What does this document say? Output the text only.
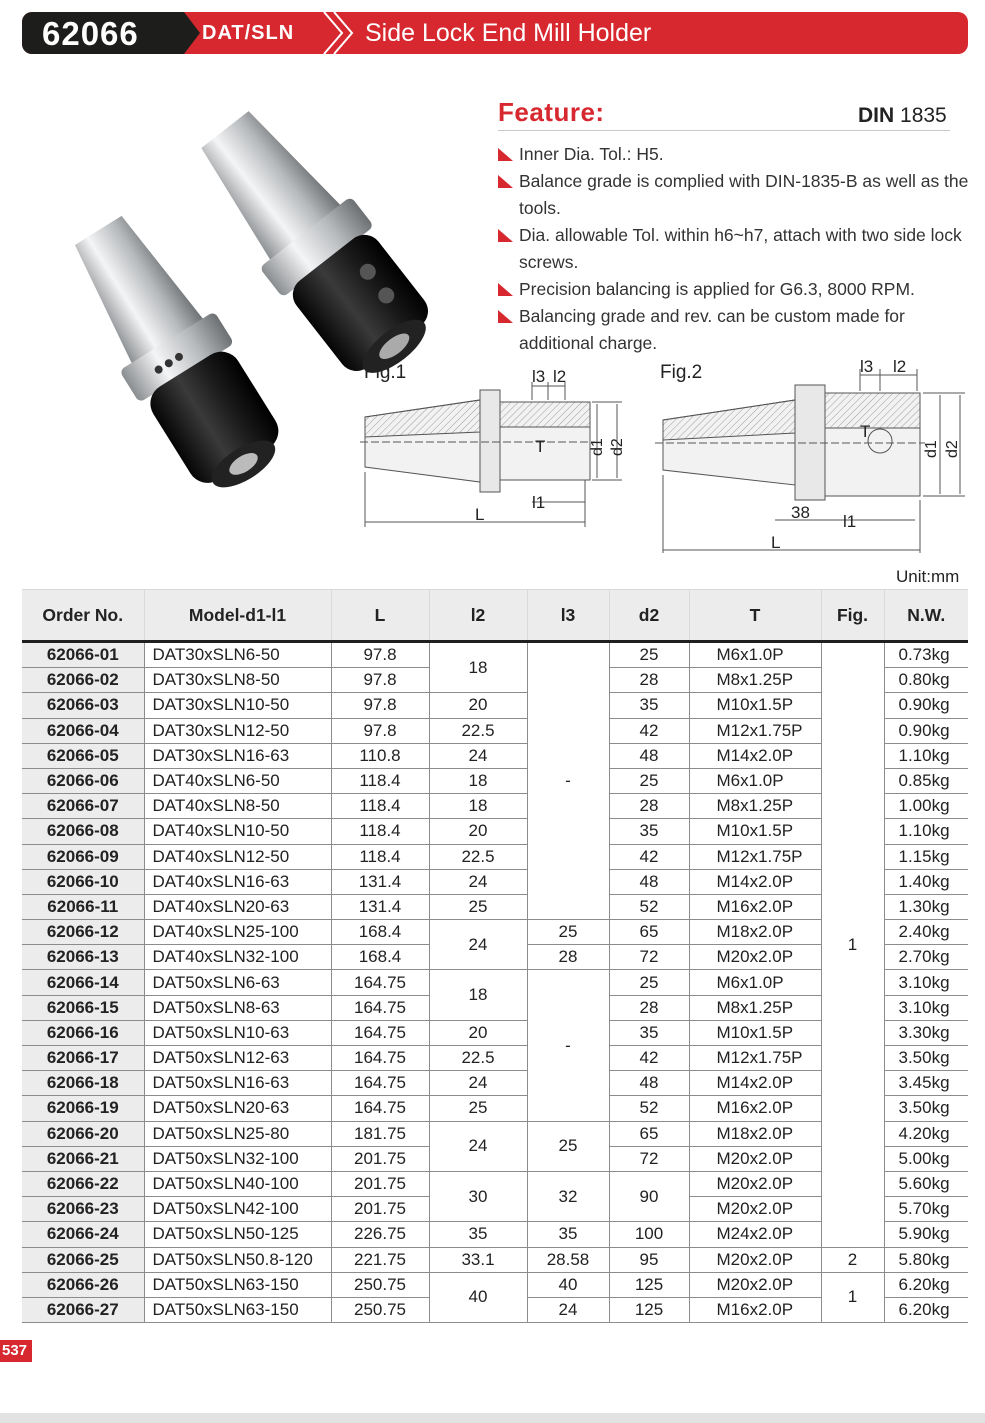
62066	DAT/SLN	Side Lock End Mill Holder
Feature:	DIN 1835
Inner Dia. Tol.: H5.
Balance grade is complied with DIN-1835-B as well as the tools.
Dia. allowable Tol. within h6~h7, attach with two side lock screws.
Precision balancing is applied for G6.3, 8000 RPM.
Balancing grade and rev. can be custom made for additional charge.
Fig.1	l3 l2
T	d1 d2
l1
L
Fig.2	l3 l2
T
d1 d2
38 l1
L
Unit:mm
Order No.	Model-d1-l1	L	l2	l3	d2	T	Fig.	N.W.
62066-01	DAT30xSLN6-50	97.8	18	-	25	M6x1.0P	1	0.73kg
62066-02	DAT30xSLN8-50	97.8			28	M8x1.25P		0.80kg
62066-03	DAT30xSLN10-50	97.8	20		35	M10x1.5P		0.90kg
62066-04	DAT30xSLN12-50	97.8	22.5		42	M12x1.75P		0.90kg
62066-05	DAT30xSLN16-63	110.8	24		48	M14x2.0P		1.10kg
62066-06	DAT40xSLN6-50	118.4	18		25	M6x1.0P		0.85kg
62066-07	DAT40xSLN8-50	118.4	18		28	M8x1.25P		1.00kg
62066-08	DAT40xSLN10-50	118.4	20		35	M10x1.5P		1.10kg
62066-09	DAT40xSLN12-50	118.4	22.5		42	M12x1.75P		1.15kg
62066-10	DAT40xSLN16-63	131.4	24		48	M14x2.0P		1.40kg
62066-11	DAT40xSLN20-63	131.4	25		52	M16x2.0P		1.30kg
62066-12	DAT40xSLN25-100	168.4	24	25	65	M18x2.0P		2.40kg
62066-13	DAT40xSLN32-100	168.4		28	72	M20x2.0P		2.70kg
62066-14	DAT50xSLN6-63	164.75	18	-	25	M6x1.0P		3.10kg
62066-15	DAT50xSLN8-63	164.75			28	M8x1.25P		3.10kg
62066-16	DAT50xSLN10-63	164.75	20		35	M10x1.5P		3.30kg
62066-17	DAT50xSLN12-63	164.75	22.5		42	M12x1.75P		3.50kg
62066-18	DAT50xSLN16-63	164.75	24		48	M14x2.0P		3.45kg
62066-19	DAT50xSLN20-63	164.75	25		52	M16x2.0P		3.50kg
62066-20	DAT50xSLN25-80	181.75	24	25	65	M18x2.0P		4.20kg
62066-21	DAT50xSLN32-100	201.75			72	M20x2.0P		5.00kg
62066-22	DAT50xSLN40-100	201.75	30	32	90	M20x2.0P		5.60kg
62066-23	DAT50xSLN42-100	201.75				M20x2.0P		5.70kg
62066-24	DAT50xSLN50-125	226.75	35	35	100	M24x2.0P		5.90kg
62066-25	DAT50xSLN50.8-120	221.75	33.1	28.58	95	M20x2.0P	2	5.80kg
62066-26	DAT50xSLN63-150	250.75	40	40	125	M20x2.0P	1	6.20kg
62066-27	DAT50xSLN63-150	250.75		24	125	M16x2.0P		6.20kg
537
